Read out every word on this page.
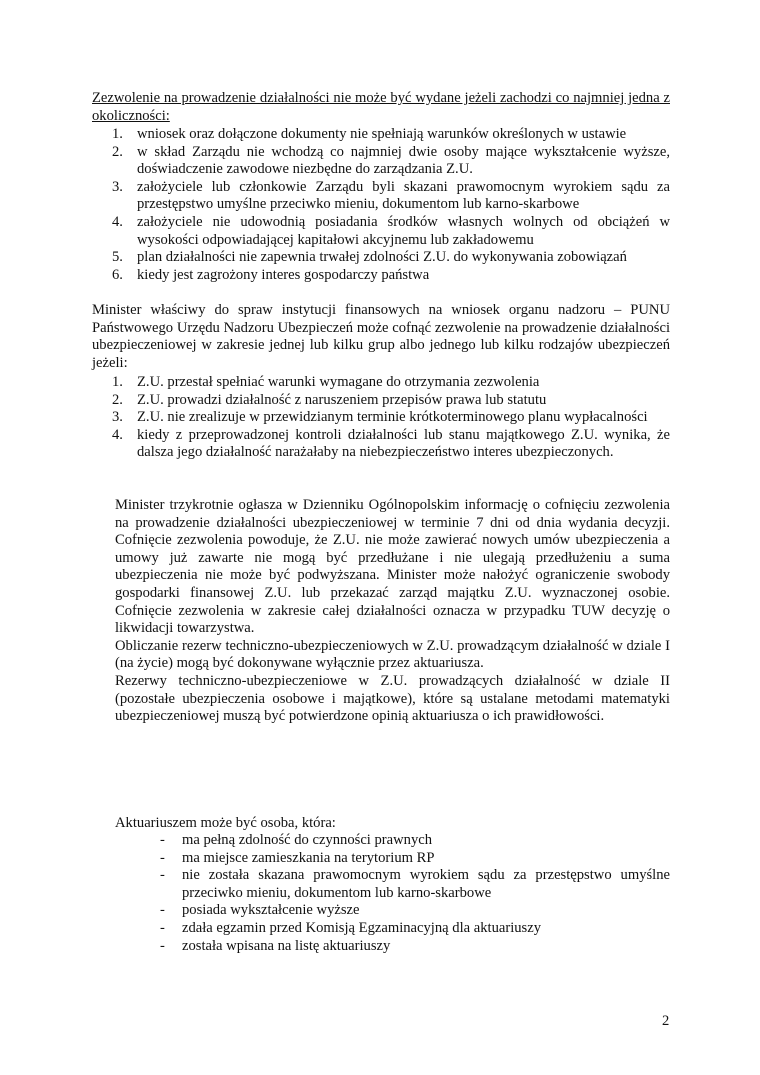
Zezwolenie na prowadzenie działalności nie może być wydane jeżeli zachodzi co najmniej jedna z okoliczności:

1. wniosek oraz dołączone dokumenty nie spełniają warunków określonych w ustawie
2. w skład Zarządu nie wchodzą co najmniej dwie osoby mające wykształcenie wyższe, doświadczenie zawodowe niezbędne do zarządzania Z.U.
3. założyciele lub członkowie Zarządu byli skazani prawomocnym wyrokiem sądu za przestępstwo umyślne przeciwko mieniu, dokumentom lub karno-skarbowe
4. założyciele nie udowodnią posiadania środków własnych wolnych od obciążeń w wysokości odpowiadającej kapitałowi akcyjnemu lub zakładowemu
5. plan działalności nie zapewnia trwałej zdolności Z.U. do wykonywania zobowiązań
6. kiedy jest zagrożony interes gospodarczy państwa

Minister właściwy do spraw instytucji finansowych na wniosek organu nadzoru – PUNU Państwowego Urzędu Nadzoru Ubezpieczeń może cofnąć zezwolenie na prowadzenie działalności ubezpieczeniowej w zakresie jednej lub kilku grup albo jednego lub kilku rodzajów ubezpieczeń jeżeli:

1. Z.U. przestał spełniać warunki wymagane do otrzymania zezwolenia
2. Z.U. prowadzi działalność z naruszeniem przepisów prawa lub statutu
3. Z.U. nie zrealizuje w przewidzianym terminie krótkoterminowego planu wypłacalności
4. kiedy z przeprowadzonej kontroli działalności lub stanu majątkowego Z.U. wynika, że dalsza jego działalność narażałaby na niebezpieczeństwo interes ubezpieczonych.

Minister trzykrotnie ogłasza w Dzienniku Ogólnopolskim informację o cofnięciu zezwolenia na prowadzenie działalności ubezpieczeniowej w terminie 7 dni od dnia wydania decyzji. Cofnięcie zezwolenia powoduje, że Z.U. nie może zawierać nowych umów ubezpieczenia a umowy już zawarte nie mogą być przedłużane i nie ulegają przedłużeniu a suma ubezpieczenia nie może być podwyższana. Minister może nałożyć ograniczenie swobody gospodarki finansowej Z.U. lub przekazać zarząd majątku Z.U. wyznaczonej osobie. Cofnięcie zezwolenia w zakresie całej działalności oznacza w przypadku TUW decyzję o likwidacji towarzystwa.

Obliczanie rezerw techniczno-ubezpieczeniowych w Z.U. prowadzącym działalność w dziale I (na życie) mogą być dokonywane wyłącznie przez aktuariusza.

Rezerwy techniczno-ubezpieczeniowe w Z.U. prowadzących działalność w dziale II (pozostałe ubezpieczenia osobowe i majątkowe), które są ustalane metodami matematyki ubezpieczeniowej muszą być potwierdzone opinią aktuariusza o ich prawidłowości.

Aktuariuszem może być osoba, która:

-	ma pełną zdolność do czynności prawnych
-	ma miejsce zamieszkania na terytorium RP
-	nie została skazana prawomocnym wyrokiem sądu za przestępstwo umyślne przeciwko mieniu, dokumentom lub karno-skarbowe
-	posiada wykształcenie wyższe
-	zdała egzamin przed Komisją Egzaminacyjną dla aktuariuszy
-	została wpisana na listę aktuariuszy
2
